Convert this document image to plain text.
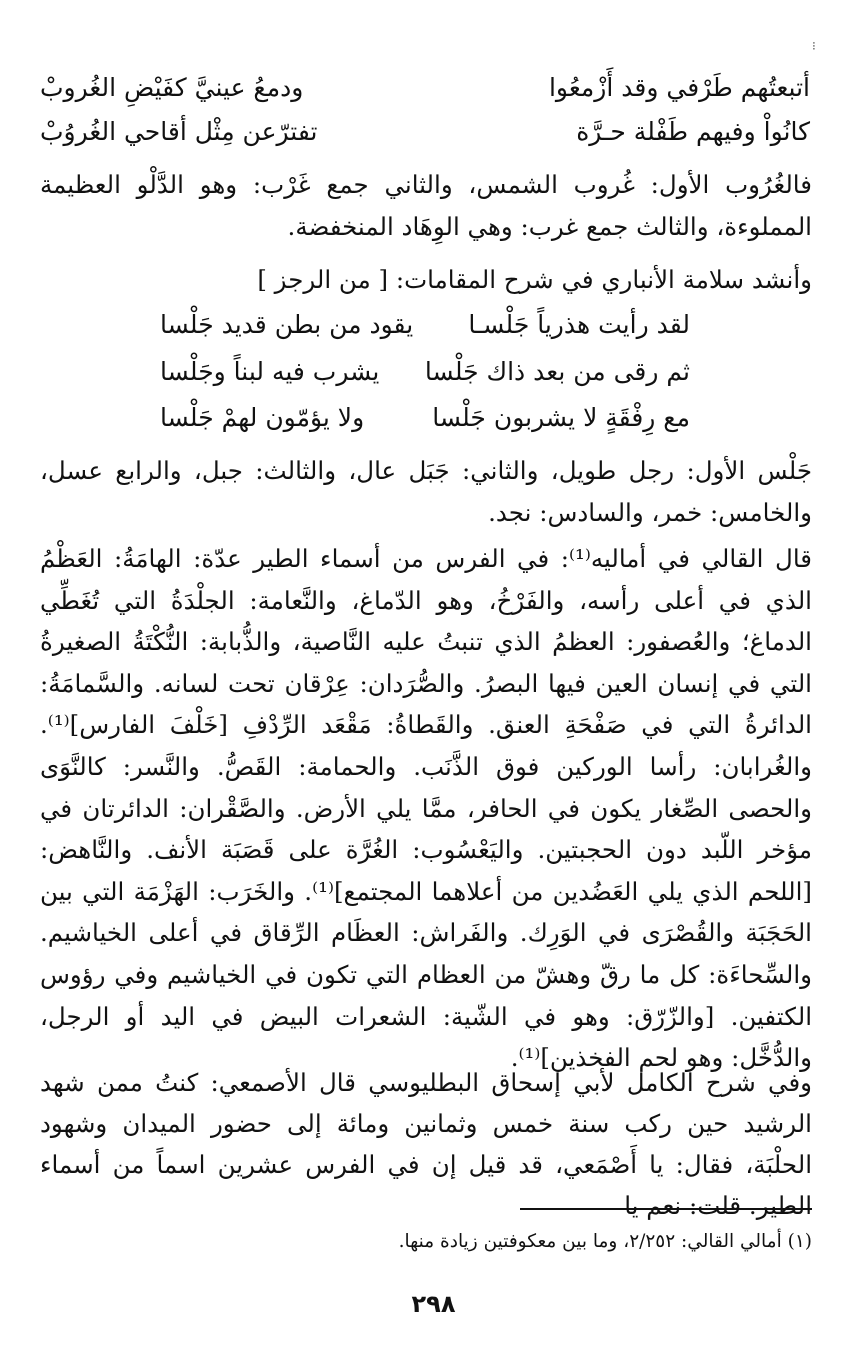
⁝
أتبعتُهم طَرْفي وقد أَزْمعُوا
ودمعُ عينيَّ كفَيْضِ الغُروبْ
كانُواْ وفيهم طَفْلة حـرَّة
تفترّعن مِثْل أقاحي الغُروُبْ
فالغُرُوب الأول: غُروب الشمس، والثاني جمع غَرْب: وهو الدَّلْو العظيمة المملوءة، والثالث جمع غرب: وهي الوِهَاد المنخفضة.
وأنشد سلامة الأنباري في شرح المقامات: [ من الرجز ]
لقد رأيت هذرياً جَلْسـا
يقود من بطن قديد جَلْسا
ثم رقى من بعد ذاك جَلْسا
يشرب فيه لبناً وجَلْسا
مع رِفْقَةٍ لا يشربون جَلْسا
ولا يؤمّون لهمْ جَلْسا
جَلْس الأول: رجل طويل، والثاني: جَبَل عال، والثالث: جبل، والرابع عسل، والخامس: خمر، والسادس: نجد.
قال القالي في أماليه⁽¹⁾: في الفرس من أسماء الطير عدّة: الهامَةُ: العَظْمُ الذي في أعلى رأسه، والفَرْخُ، وهو الدّماغ، والنَّعامة: الجلْدَةُ التي تُغَطِّي الدماغ؛ والعُصفور: العظمُ الذي تنبتُ عليه النَّاصية، والذُّبابة: النُّكْتَةُ الصغيرةُ التي في إنسان العين فيها البصرُ. والصُّرَدان: عِرْقان تحت لسانه. والسَّمامَةُ: الدائرةُ التي في صَفْحَةِ العنق. والقَطاةُ: مَقْعَد الرِّدْفِ [خَلْفَ الفارس]⁽¹⁾. والغُرابان: رأسا الوركين فوق الذَّنَب. والحمامة: القَصُّ. والنَّسر: كالنَّوَى والحصى الصِّغار يكون في الحافر، ممَّا يلي الأرض. والصَّقْران: الدائرتان في مؤخر اللّبد دون الحجبتين. واليَعْسُوب: الغُرَّة على قَصَبَة الأنف. والنَّاهض: [اللحم الذي يلي العَضُدين من أعلاهما المجتمع]⁽¹⁾. والخَرَب: الهَزْمَة التي بين الحَجَبَة والقُصْرَى في الوَرِك. والفَراش: العظَام الرِّقاق في أعلى الخياشيم. والسِّحاءَة: كل ما رقّ وهشّ من العظام التي تكون في الخياشيم وفي رؤوس الكتفين. [والزّرّق: وهو في الشّية: الشعرات البيض في اليد أو الرجل، والدُّخَّل: وهو لحم الفخذين]⁽¹⁾.
وفي شرح الكامل لأبي إسحاق البطليوسي قال الأصمعي: كنتُ ممن شهد الرشيد حين ركب سنة خمس وثمانين ومائة إلى حضور الميدان وشهود الحلْبَة، فقال: يا أَصْمَعي، قد قيل إن في الفرس عشرين اسماً من أسماء الطير. قلت: نعم يا
(١) أمالي القالي: ٢/٢٥٢، وما بين معكوفتين زيادة منها.
٢٩٨
